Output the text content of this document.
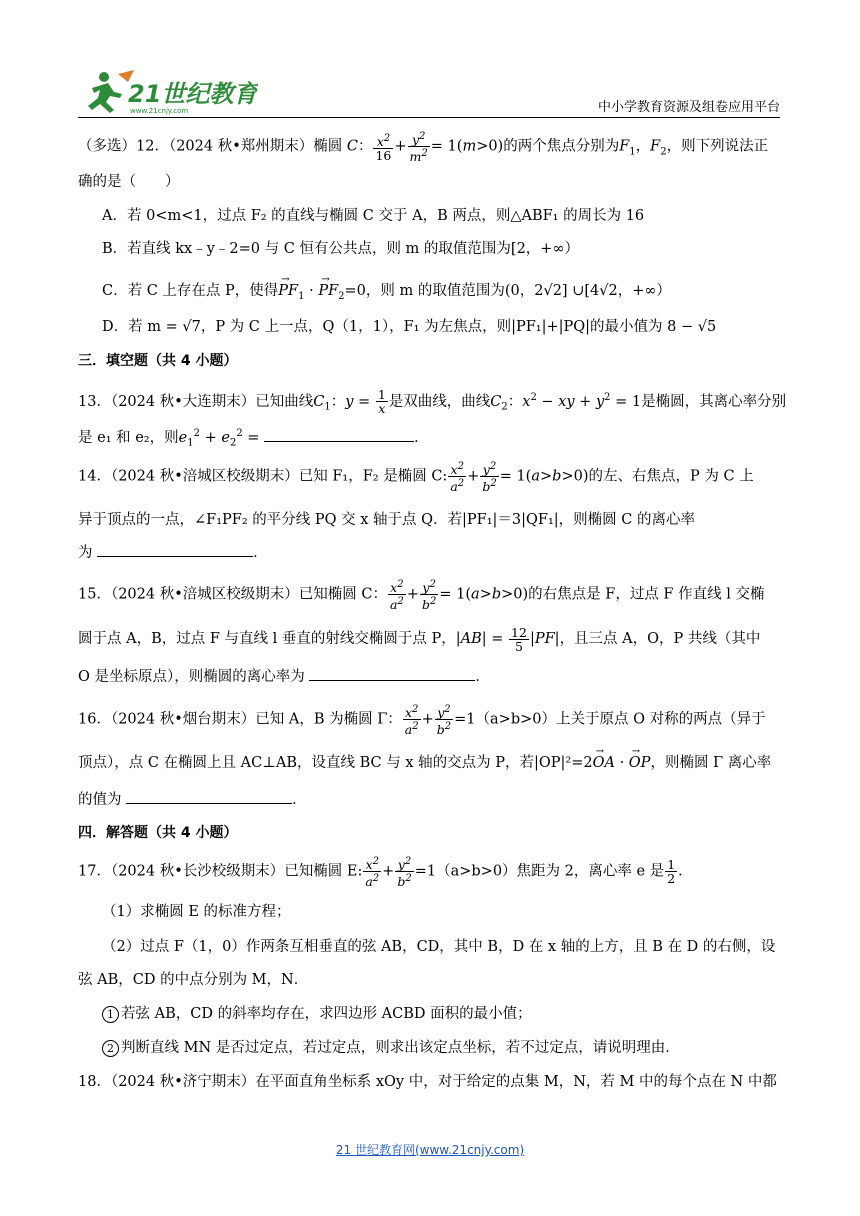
21世纪教育
www.21cnjy.com	中小学教育资源及组卷应用平台
（多选）12．（2024 秋•郑州期末）椭圆 C： $\frac{x^2}{16} + \frac{y^2}{m^2} = 1(m>0)$的两个焦点分别为$F_1$，$F_2$，则下列说法正
确的是（　　）
A．若 0<m<1，过点 F₂ 的直线与椭圆 C 交于 A，B 两点，则△ABF₁ 的周长为 16
B．若直线 kx﹣y﹣2=0 与 C 恒有公共点，则 m 的取值范围为[2，+∞）
C．若 C 上存在点 P，使得→ $PF_1$ · → $PF_2=0$，则 m 的取值范围为(0，2√2] ∪[4√2，+∞）
D．若 m = √7，P 为 C 上一点，Q（1，1），F₁ 为左焦点，则|PF₁|+|PQ|的最小值为 8 − √5
三．填空题（共 4 小题）
13．（2024 秋•大连期末）已知曲线$C_1$：$y = \frac{1}{x}$ 是双曲线，曲线$C_2$：$x^2$ − xy + $y^2 = 1$是椭圆，其离心率分别
是 e₁ 和 e₂，则$e_1^2 + e_2^2$ =	．
14．（2024 秋•涪城区校级期末）已知 F₁，F₂ 是椭圆 C: $\frac{x^2}{a^2} + \frac{y^2}{b^2} = 1(a>b>0)$的左、右焦点，P 为 C 上
异于顶点的一点，∠F₁PF₂ 的平分线 PQ 交 x 轴于点 Q．若|PF₁|＝3|QF₁|，则椭圆 C 的离心率
为	．
15．（2024 秋•涪城区校级期末）已知椭圆 C： $\frac{x^2}{a^2} + \frac{y^2}{b^2} = 1(a>b>0)$的右焦点是 F，过点 F 作直线 l 交椭
圆于点 A，B，过点 F 与直线 l 垂直的射线交椭圆于点 P，$|AB| = \frac{12}{5} |PF|$，且三点 A，O，P 共线（其中
O 是坐标原点），则椭圆的离心率为	．
16．（2024 秋•烟台期末）已知 A，B 为椭圆 Γ： $\frac{x^2}{a^2} + \frac{y^2}{b^2} =1(a>b>0)$上关于原点 O 对称的两点（异于
顶点），点 C 在椭圆上且 AC⊥AB，设直线 BC 与 x 轴的交点为 P，若|OP|²=2→ OA · → OP，则椭圆 Γ 离心率
的值为	．
四．解答题（共 4 小题）
17．（2024 秋•长沙校级期末）已知椭圆 E: $\frac{x^2}{a^2} + \frac{y^2}{b^2} =1(a>b>0)$焦距为 2，离心率 e 是 $\frac{1}{2}$ ．
（1）求椭圆 E 的标准方程；
（2）过点 F（1，0）作两条互相垂直的弦 AB，CD，其中 B，D 在 x 轴的上方，且 B 在 D 的右侧，设
弦 AB，CD 的中点分别为 M，N．
1 若弦 AB，CD 的斜率均存在，求四边形 ACBD 面积的最小值；
2 判断直线 MN 是否过定点，若过定点，则求出该定点坐标，若不过定点，请说明理由．
18．（2024 秋•济宁期末）在平面直角坐标系 xOy 中，对于给定的点集 M，N，若 M 中的每个点在 N 中都
21 世纪教育网(www.21cnjy.com)
